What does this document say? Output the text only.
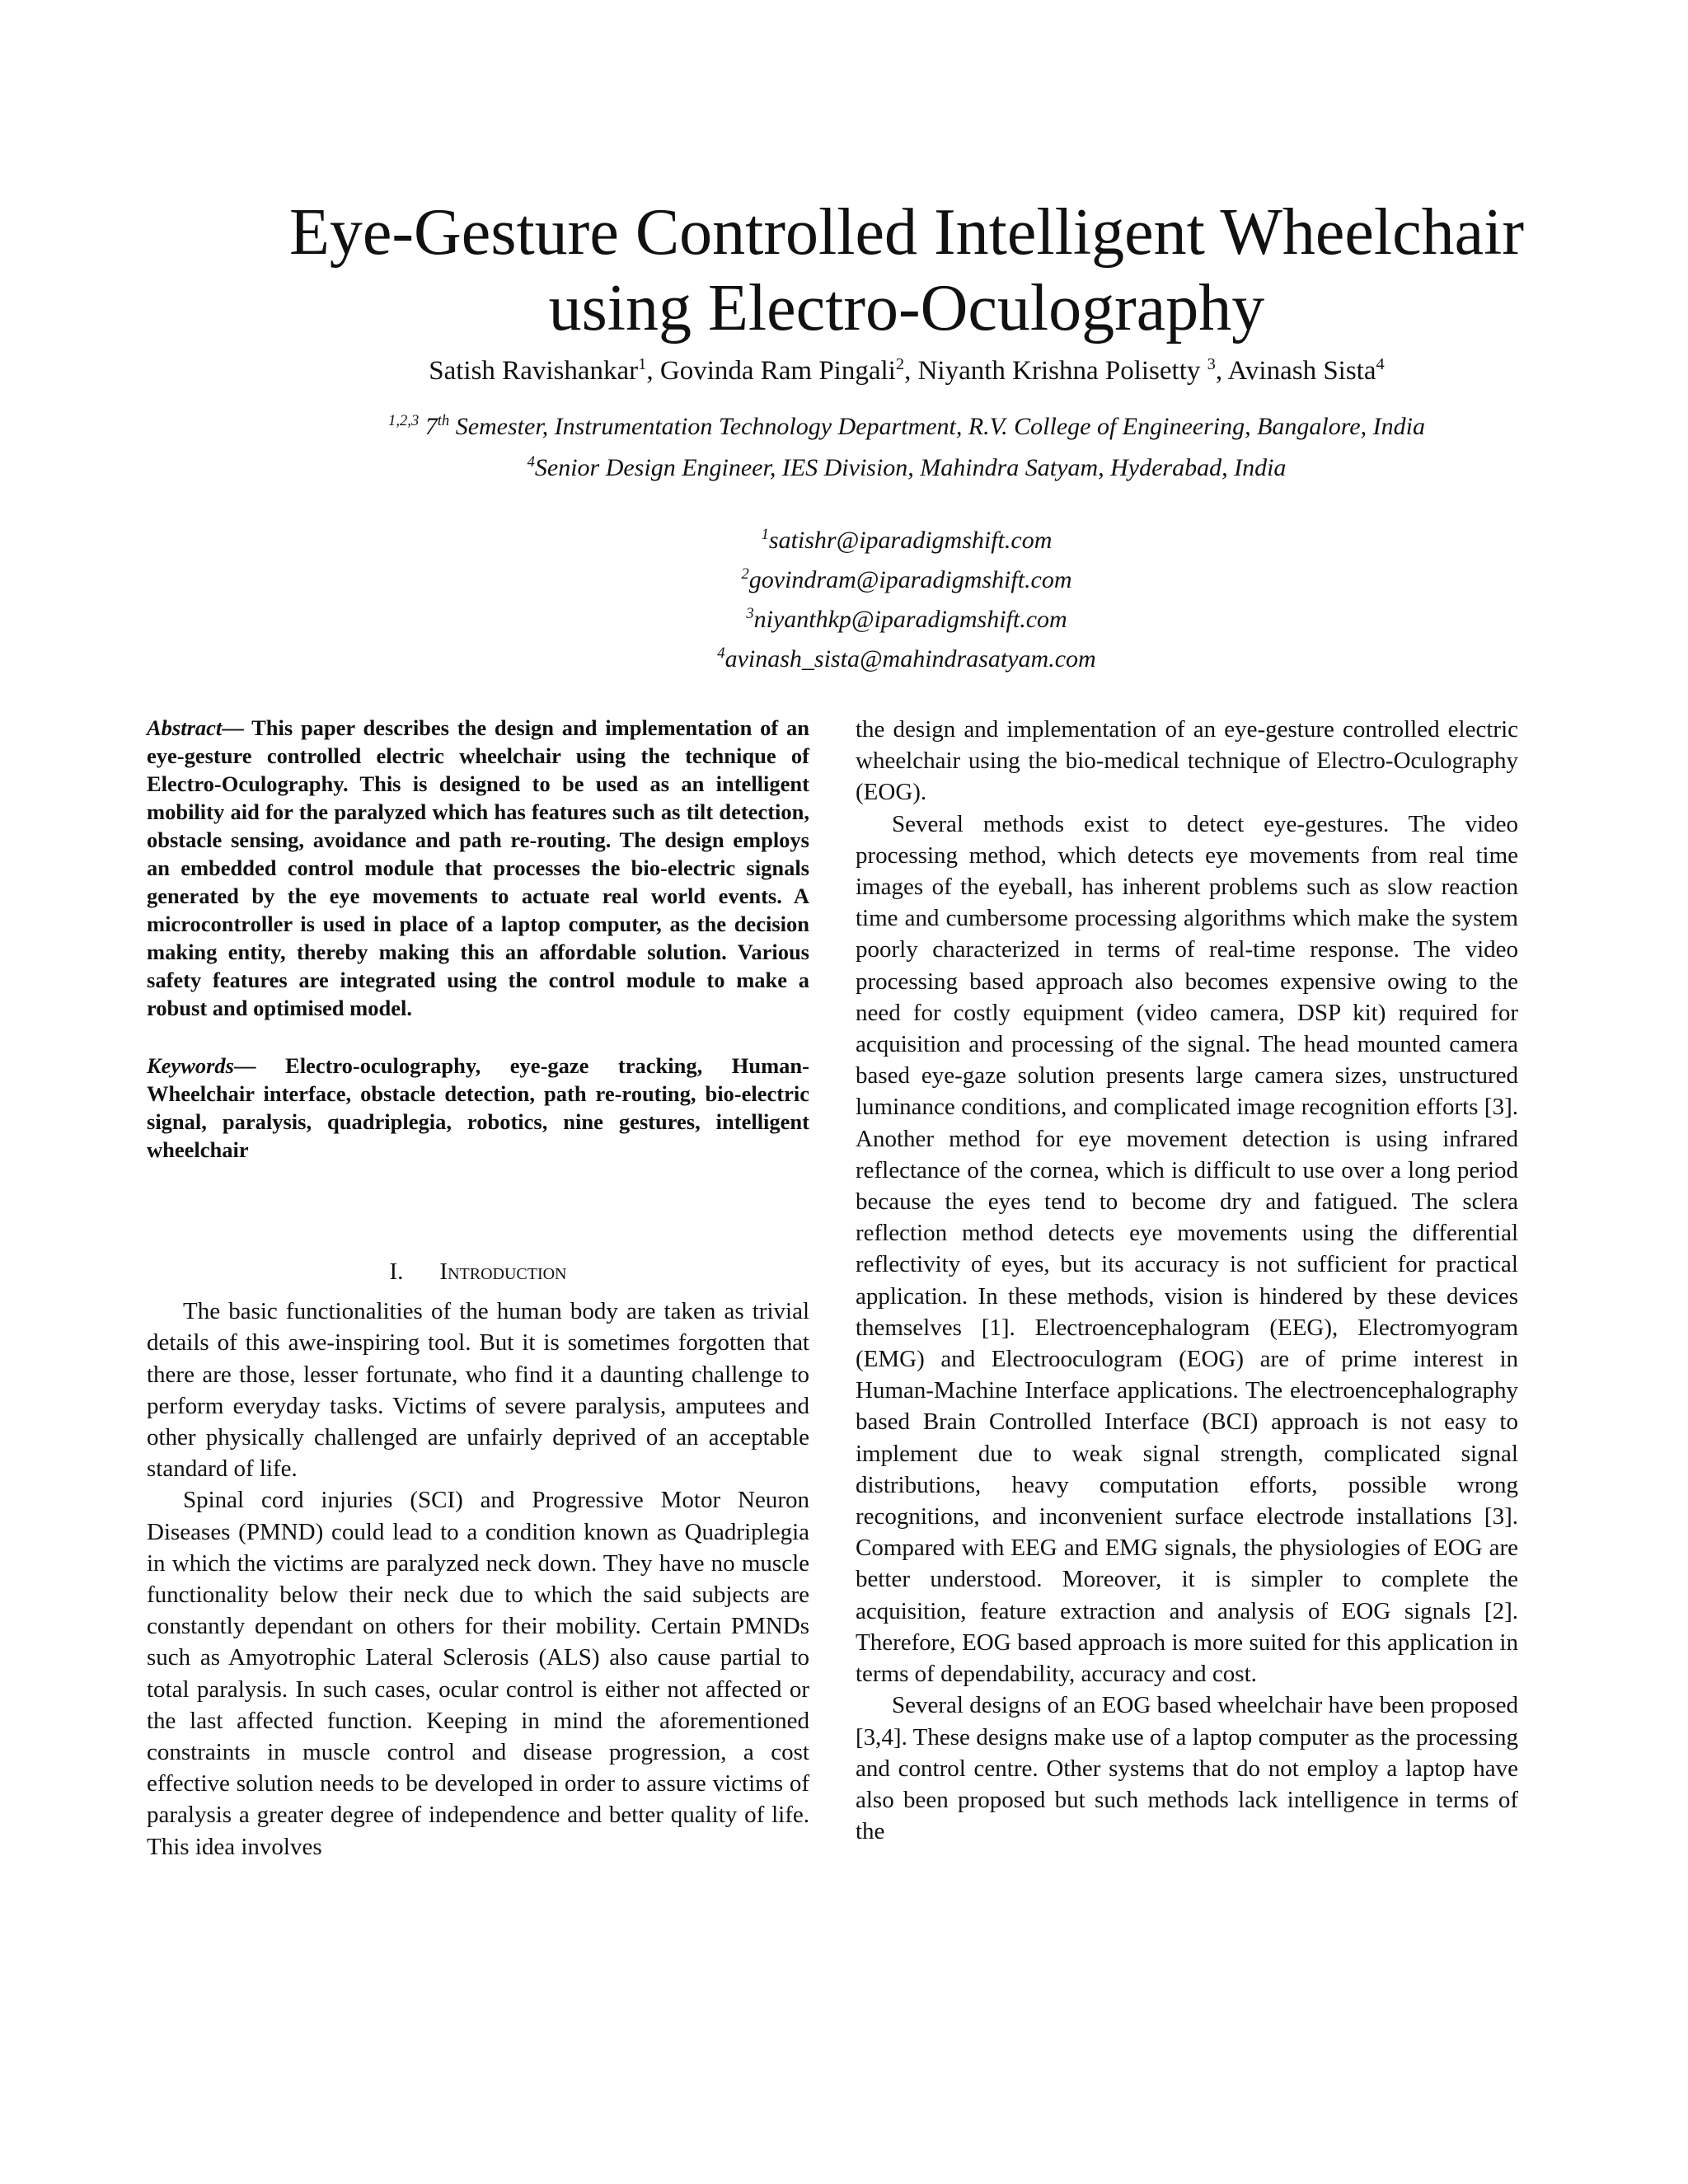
Eye-Gesture Controlled Intelligent Wheelchair
using Electro-Oculography
Satish Ravishankar$^1$, Govinda Ram Pingali$^2$, Niyanth Krishna Polisetty $^3$, Avinash Sista$^4$
$^{1,2,3}$ 7th Semester, Instrumentation Technology Department, R.V. College of Engineering, Bangalore, India
$^4$Senior Design Engineer, IES Division, Mahindra Satyam, Hyderabad, India
$^1$satishr@iparadigmshift.com
$^2$govindram@iparadigmshift.com
$^3$niyanthkp@iparadigmshift.com
$^4$avinash_sista@mahindrasatyam.com

Abstract— This paper describes the design and implementation of an eye-gesture controlled electric wheelchair using the technique of Electro-Oculography. This is designed to be used as an intelligent mobility aid for the paralyzed which has features such as tilt detection, obstacle sensing, avoidance and path re-routing. The design employs an embedded control module that processes the bio-electric signals generated by the eye movements to actuate real world events. A microcontroller is used in place of a laptop computer, as the decision making entity, thereby making this an affordable solution. Various safety features are integrated using the control module to make a robust and optimised model.

Keywords— Electro-oculography, eye-gaze tracking, Human-Wheelchair interface, obstacle detection, path re-routing, bio-electric signal, paralysis, quadriplegia, robotics, nine gestures, intelligent wheelchair

I. Introduction

The basic functionalities of the human body are taken as trivial details of this awe-inspiring tool. But it is sometimes forgotten that there are those, lesser fortunate, who find it a daunting challenge to perform everyday tasks. Victims of severe paralysis, amputees and other physically challenged are unfairly deprived of an acceptable standard of life.

Spinal cord injuries (SCI) and Progressive Motor Neuron Diseases (PMND) could lead to a condition known as Quadriplegia in which the victims are paralyzed neck down. They have no muscle functionality below their neck due to which the said subjects are constantly dependant on others for their mobility. Certain PMNDs such as Amyotrophic Lateral Sclerosis (ALS) also cause partial to total paralysis. In such cases, ocular control is either not affected or the last affected function. Keeping in mind the aforementioned constraints in muscle control and disease progression, a cost effective solution needs to be developed in order to assure victims of paralysis a greater degree of independence and better quality of life. This idea involves

the design and implementation of an eye-gesture controlled electric wheelchair using the bio-medical technique of Electro-Oculography (EOG).

Several methods exist to detect eye-gestures. The video processing method, which detects eye movements from real time images of the eyeball, has inherent problems such as slow reaction time and cumbersome processing algorithms which make the system poorly characterized in terms of real-time response. The video processing based approach also becomes expensive owing to the need for costly equipment (video camera, DSP kit) required for acquisition and processing of the signal. The head mounted camera based eye-gaze solution presents large camera sizes, unstructured luminance conditions, and complicated image recognition efforts [3]. Another method for eye movement detection is using infrared reflectance of the cornea, which is difficult to use over a long period because the eyes tend to become dry and fatigued. The sclera reflection method detects eye movements using the differential reflectivity of eyes, but its accuracy is not sufficient for practical application. In these methods, vision is hindered by these devices themselves [1]. Electroencephalogram (EEG), Electromyogram (EMG) and Electrooculogram (EOG) are of prime interest in Human-Machine Interface applications. The electroencephalography based Brain Controlled Interface (BCI) approach is not easy to implement due to weak signal strength, complicated signal distributions, heavy computation efforts, possible wrong recognitions, and inconvenient surface electrode installations [3]. Compared with EEG and EMG signals, the physiologies of EOG are better understood. Moreover, it is simpler to complete the acquisition, feature extraction and analysis of EOG signals [2]. Therefore, EOG based approach is more suited for this application in terms of dependability, accuracy and cost.

Several designs of an EOG based wheelchair have been proposed [3,4]. These designs make use of a laptop computer as the processing and control centre. Other systems that do not employ a laptop have also been proposed but such methods lack intelligence in terms of the
